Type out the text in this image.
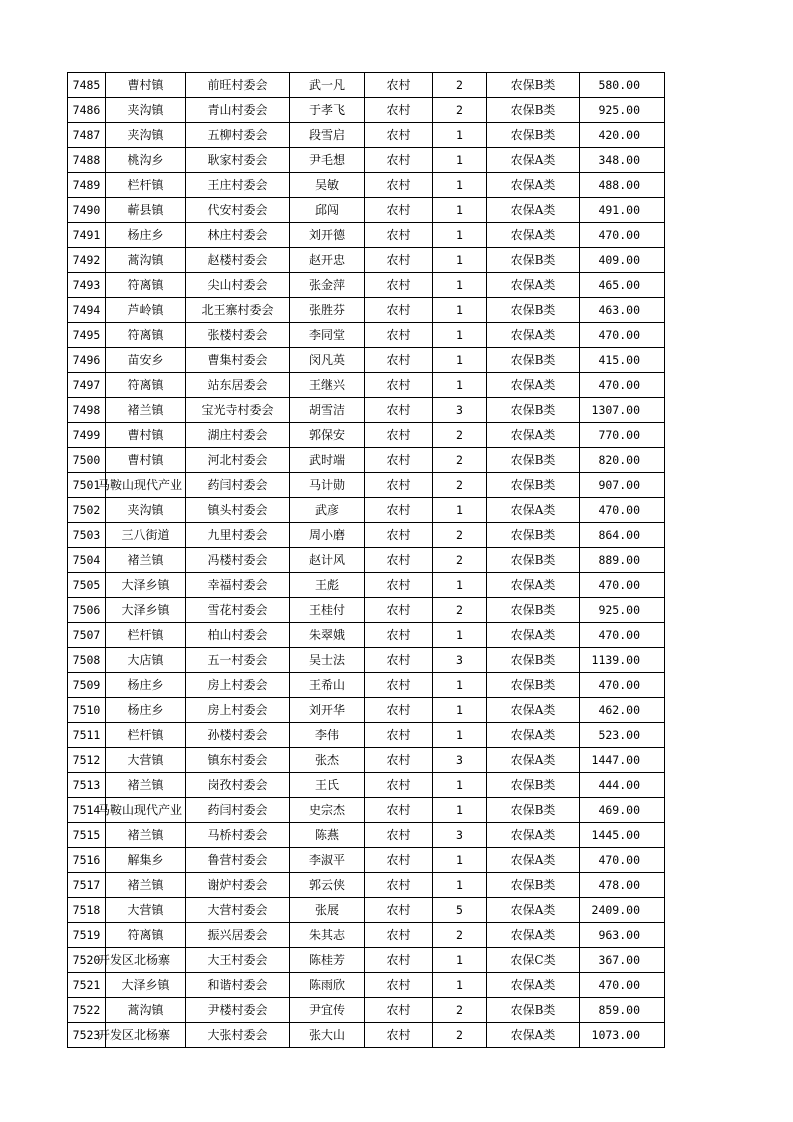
7485	曹村镇	前旺村委会	武一凡	农村	2	农保B类	580.00
7486	夹沟镇	青山村委会	于孝飞	农村	2	农保B类	925.00
7487	夹沟镇	五柳村委会	段雪启	农村	1	农保B类	420.00
7488	桃沟乡	耿家村委会	尹毛想	农村	1	农保A类	348.00
7489	栏杆镇	王庄村委会	吴敏	农村	1	农保A类	488.00
7490	蕲县镇	代安村委会	邱闯	农村	1	农保A类	491.00
7491	杨庄乡	林庄村委会	刘开德	农村	1	农保A类	470.00
7492	蒿沟镇	赵楼村委会	赵开忠	农村	1	农保B类	409.00
7493	符离镇	尖山村委会	张金萍	农村	1	农保A类	465.00
7494	芦岭镇	北王寨村委会	张胜芬	农村	1	农保B类	463.00
7495	符离镇	张楼村委会	李同堂	农村	1	农保A类	470.00
7496	苗安乡	曹集村委会	闵凡英	农村	1	农保B类	415.00
7497	符离镇	站东居委会	王继兴	农村	1	农保A类	470.00
7498	褚兰镇	宝光寺村委会	胡雪洁	农村	3	农保B类	1307.00
7499	曹村镇	湖庄村委会	郭保安	农村	2	农保A类	770.00
7500	曹村镇	河北村委会	武时端	农村	2	农保B类	820.00
7501	马鞍山现代产业	药闫村委会	马计勋	农村	2	农保B类	907.00
7502	夹沟镇	镇头村委会	武彦	农村	1	农保A类	470.00
7503	三八街道	九里村委会	周小磨	农村	2	农保B类	864.00
7504	褚兰镇	冯楼村委会	赵计风	农村	2	农保B类	889.00
7505	大泽乡镇	幸福村委会	王彪	农村	1	农保A类	470.00
7506	大泽乡镇	雪花村委会	王桂付	农村	2	农保B类	925.00
7507	栏杆镇	柏山村委会	朱翠娥	农村	1	农保A类	470.00
7508	大店镇	五一村委会	吴士法	农村	3	农保B类	1139.00
7509	杨庄乡	房上村委会	王希山	农村	1	农保B类	470.00
7510	杨庄乡	房上村委会	刘开华	农村	1	农保A类	462.00
7511	栏杆镇	孙楼村委会	李伟	农村	1	农保A类	523.00
7512	大营镇	镇东村委会	张杰	农村	3	农保A类	1447.00
7513	褚兰镇	岗孜村委会	王氏	农村	1	农保B类	444.00
7514	马鞍山现代产业	药闫村委会	史宗杰	农村	1	农保B类	469.00
7515	褚兰镇	马桥村委会	陈燕	农村	3	农保A类	1445.00
7516	解集乡	鲁营村委会	李淑平	农村	1	农保A类	470.00
7517	褚兰镇	谢炉村委会	郭云侠	农村	1	农保B类	478.00
7518	大营镇	大营村委会	张展	农村	5	农保A类	2409.00
7519	符离镇	振兴居委会	朱其志	农村	2	农保A类	963.00
7520	开发区北杨寨	大王村委会	陈桂芳	农村	1	农保C类	367.00
7521	大泽乡镇	和谐村委会	陈雨欣	农村	1	农保A类	470.00
7522	蒿沟镇	尹楼村委会	尹宜传	农村	2	农保B类	859.00
7523	开发区北杨寨	大张村委会	张大山	农村	2	农保A类	1073.00
